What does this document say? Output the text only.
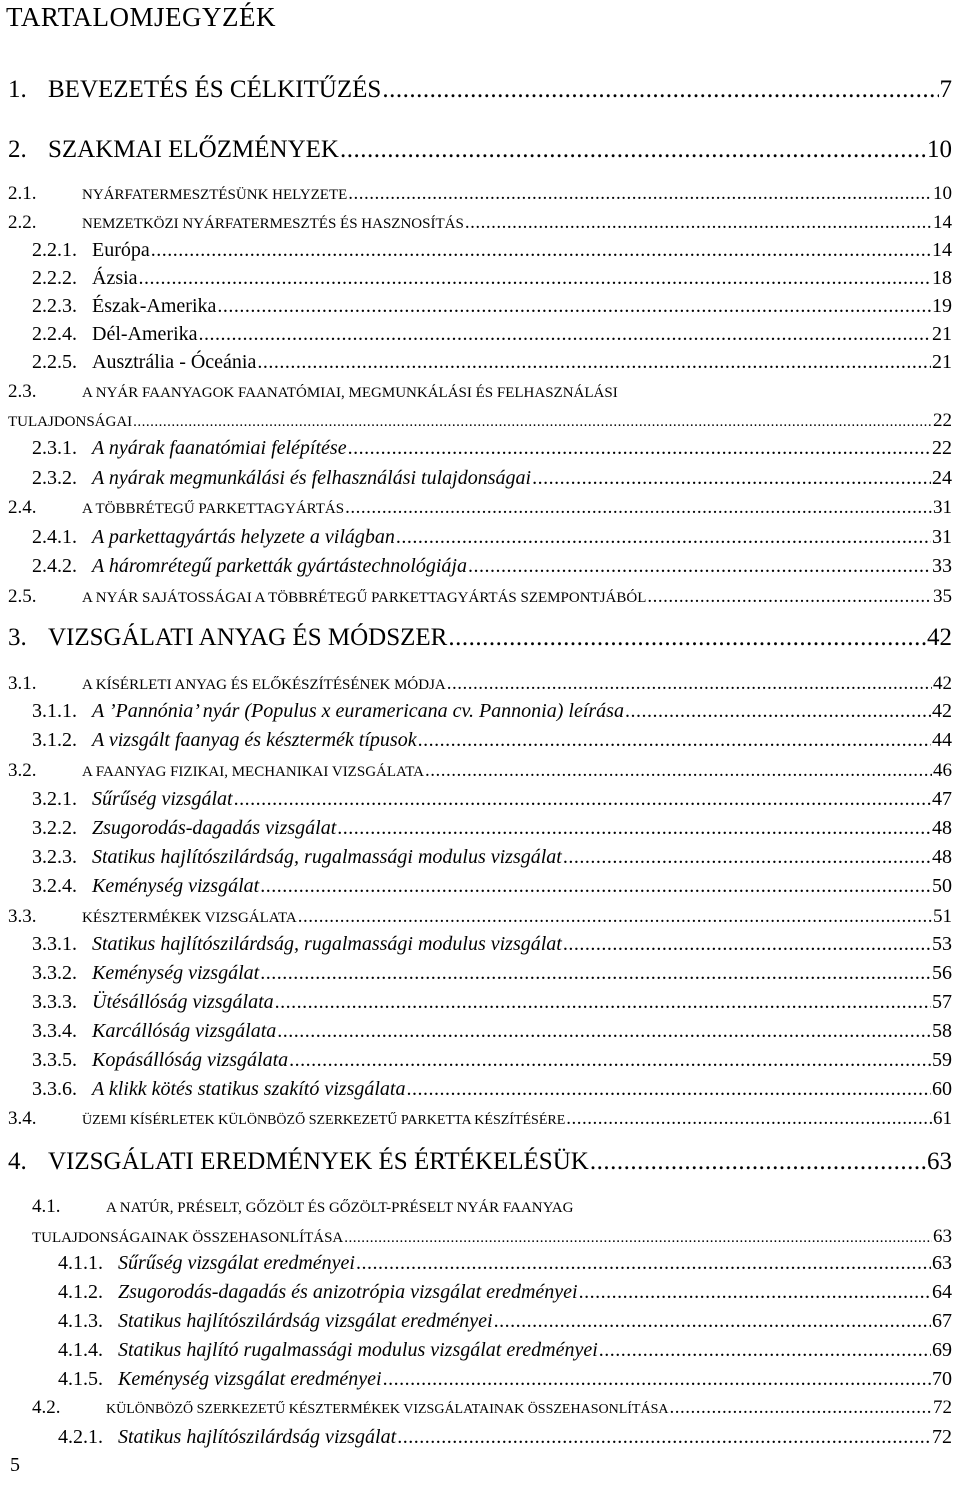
TARTALOMJEGYZÉK
1. BEVEZETÉS ÉS CÉLKITŰZÉS .....	7
2. SZAKMAI ELŐZMÉNYEK .....	10
2.1.	NYÁRFATERMESZTÉSÜNK HELYZETE .....	10
2.2.	NEMZETKÖZI NYÁRFATERMESZTÉS ÉS HASZNOSÍTÁS .....	14
2.2.1. Európa .....	14
2.2.2. Ázsia .....	18
2.2.3. Észak-Amerika .....	19
2.2.4. Dél-Amerika .....	21
2.2.5. Ausztrália - Óceánia .....	21
2.3.	A NYÁR FAANYAGOK FAANATÓMIAI, MEGMUNKÁLÁSI ÉS FELHASZNÁLÁSI
TULAJDONSÁGAI .....	22
2.3.1. A nyárak faanatómiai felépítése .....	22
2.3.2. A nyárak megmunkálási és felhasználási tulajdonságai .....	24
2.4.	A TÖBBRÉTEGŰ PARKETTAGYÁRTÁS .....	31
2.4.1. A parkettagyártás helyzete a világban .....	31
2.4.2. A háromrétegű parketták gyártástechnológiája .....	33
2.5.	A NYÁR SAJÁTOSSÁGAI A TÖBBRÉTEGŰ PARKETTAGYÁRTÁS SZEMPONTJÁBÓL .....	35
3. VIZSGÁLATI ANYAG ÉS MÓDSZER .....	42
3.1.	A KÍSÉRLETI ANYAG ÉS ELŐKÉSZÍTÉSÉNEK MÓDJA .....	42
3.1.1. A ’Pannónia’ nyár (Populus x euramericana cv. Pannonia) leírása .....	42
3.1.2. A vizsgált faanyag és késztermék típusok .....	44
3.2.	A FAANYAG FIZIKAI, MECHANIKAI VIZSGÁLATA .....	46
3.2.1. Sűrűség vizsgálat .....	47
3.2.2. Zsugorodás-dagadás vizsgálat .....	48
3.2.3. Statikus hajlítószilárdság, rugalmassági modulus vizsgálat .....	48
3.2.4. Keménység vizsgálat .....	50
3.3.	KÉSZTERMÉKEK VIZSGÁLATA .....	51
3.3.1. Statikus hajlítószilárdság, rugalmassági modulus vizsgálat .....	53
3.3.2. Keménység vizsgálat .....	56
3.3.3. Ütésállóság vizsgálata .....	57
3.3.4. Karcállóság vizsgálata .....	58
3.3.5. Kopásállóság vizsgálata .....	59
3.3.6. A klikk kötés statikus szakító vizsgálata .....	60
3.4.	ÜZEMI KÍSÉRLETEK KÜLÖNBÖZŐ SZERKEZETŰ PARKETTA KÉSZÍTÉSÉRE .....	61
4. VIZSGÁLATI EREDMÉNYEK ÉS ÉRTÉKELÉSÜK .....	63
4.1.	A NATÚR, PRÉSELT, GŐZÖLT ÉS GŐZÖLT-PRÉSELT NYÁR FAANYAG
TULAJDONSÁGAINAK ÖSSZEHASONLÍTÁSA .....	63
4.1.1. Sűrűség vizsgálat eredményei .....	63
4.1.2. Zsugorodás-dagadás és anizotrópia vizsgálat eredményei .....	64
4.1.3. Statikus hajlítószilárdság vizsgálat eredményei .....	67
4.1.4. Statikus hajlító rugalmassági modulus vizsgálat eredményei .....	69
4.1.5. Keménység vizsgálat eredményei .....	70
4.2.	KÜLÖNBÖZŐ SZERKEZETŰ KÉSZTERMÉKEK VIZSGÁLATAINAK ÖSSZEHASONLÍTÁSA .....	72
4.2.1. Statikus hajlítószilárdság vizsgálat .....	72
5
